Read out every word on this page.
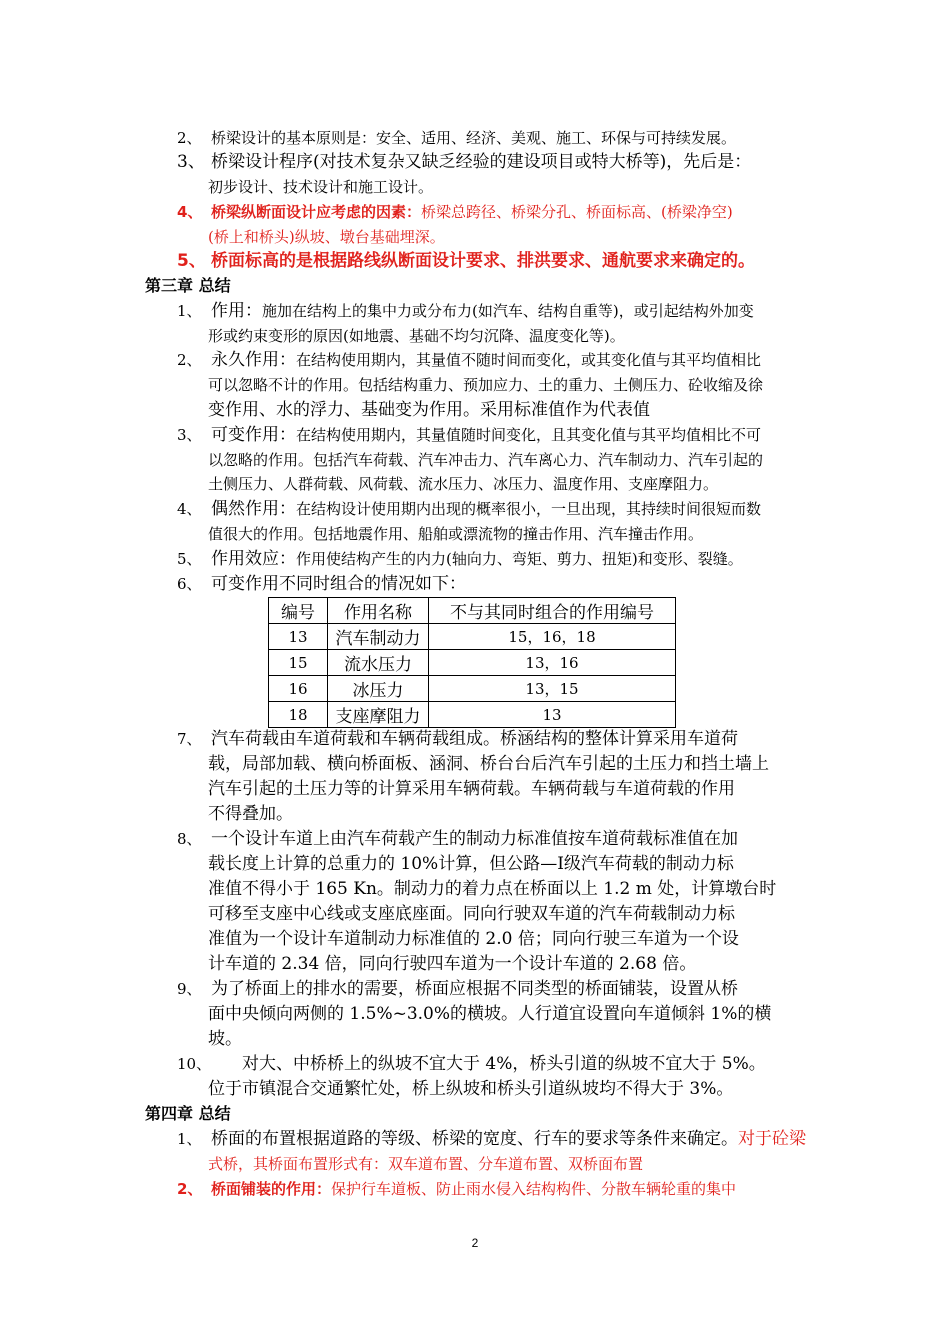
2、 桥梁设计的基本原则是：安全、适用、经济、美观、施工、环保与可持续发展。
3、 桥梁设计程序(对技术复杂又缺乏经验的建设项目或特大桥等)，先后是：
初步设计、技术设计和施工设计。
4、 桥梁纵断面设计应考虑的因素：桥梁总跨径、桥梁分孔、桥面标高、(桥梁净空)
(桥上和桥头)纵坡、墩台基础埋深。
5、 桥面标高的是根据路线纵断面设计要求、排洪要求、通航要求来确定的。
第三章 总结
1、 作用：施加在结构上的集中力或分布力(如汽车、结构自重等)，或引起结构外加变
形或约束变形的原因(如地震、基础不均匀沉降、温度变化等)。
2、 永久作用：在结构使用期内，其量值不随时间而变化，或其变化值与其平均值相比
可以忽略不计的作用。包括结构重力、预加应力、土的重力、土侧压力、砼收缩及徐
变作用、水的浮力、基础变为作用。采用标准值作为代表值
3、 可变作用：在结构使用期内，其量值随时间变化，且其变化值与其平均值相比不可
以忽略的作用。包括汽车荷载、汽车冲击力、汽车离心力、汽车制动力、汽车引起的
土侧压力、人群荷载、风荷载、流水压力、冰压力、温度作用、支座摩阻力。
4、 偶然作用：在结构设计使用期内出现的概率很小，一旦出现，其持续时间很短而数
值很大的作用。包括地震作用、船舶或漂流物的撞击作用、汽车撞击作用。
5、 作用效应：作用使结构产生的内力(轴向力、弯矩、剪力、扭矩)和变形、裂缝。
6、 可变作用不同时组合的情况如下：
编号	作用名称	不与其同时组合的作用编号
13	汽车制动力	15，16，18
15	流水压力	13，16
16	冰压力	13，15
18	支座摩阻力	13
7、 汽车荷载由车道荷载和车辆荷载组成。桥涵结构的整体计算采用车道荷
载，局部加载、横向桥面板、涵洞、桥台台后汽车引起的土压力和挡土墙上
汽车引起的土压力等的计算采用车辆荷载。车辆荷载与车道荷载的作用
不得叠加。
8、 一个设计车道上由汽车荷载产生的制动力标准值按车道荷载标准值在加
载长度上计算的总重力的 10%计算，但公路—Ⅰ级汽车荷载的制动力标
准值不得小于 165 Kn。制动力的着力点在桥面以上 1.2 m 处，计算墩台时
可移至支座中心线或支座底座面。同向行驶双车道的汽车荷载制动力标
准值为一个设计车道制动力标准值的 2.0 倍；同向行驶三车道为一个设
计车道的 2.34 倍，同向行驶四车道为一个设计车道的 2.68 倍。
9、 为了桥面上的排水的需要，桥面应根据不同类型的桥面铺装，设置从桥
面中央倾向两侧的 1.5%~3.0%的横坡。人行道宜设置向车道倾斜 1%的横
坡。
10、 对大、中桥桥上的纵坡不宜大于 4%，桥头引道的纵坡不宜大于 5%。
位于市镇混合交通繁忙处，桥上纵坡和桥头引道纵坡均不得大于 3%。
第四章 总结
1、 桥面的布置根据道路的等级、桥梁的宽度、行车的要求等条件来确定。对于砼梁
式桥，其桥面布置形式有：双车道布置、分车道布置、双桥面布置
2、 桥面铺装的作用：保护行车道板、防止雨水侵入结构构件、分散车辆轮重的集中
2
